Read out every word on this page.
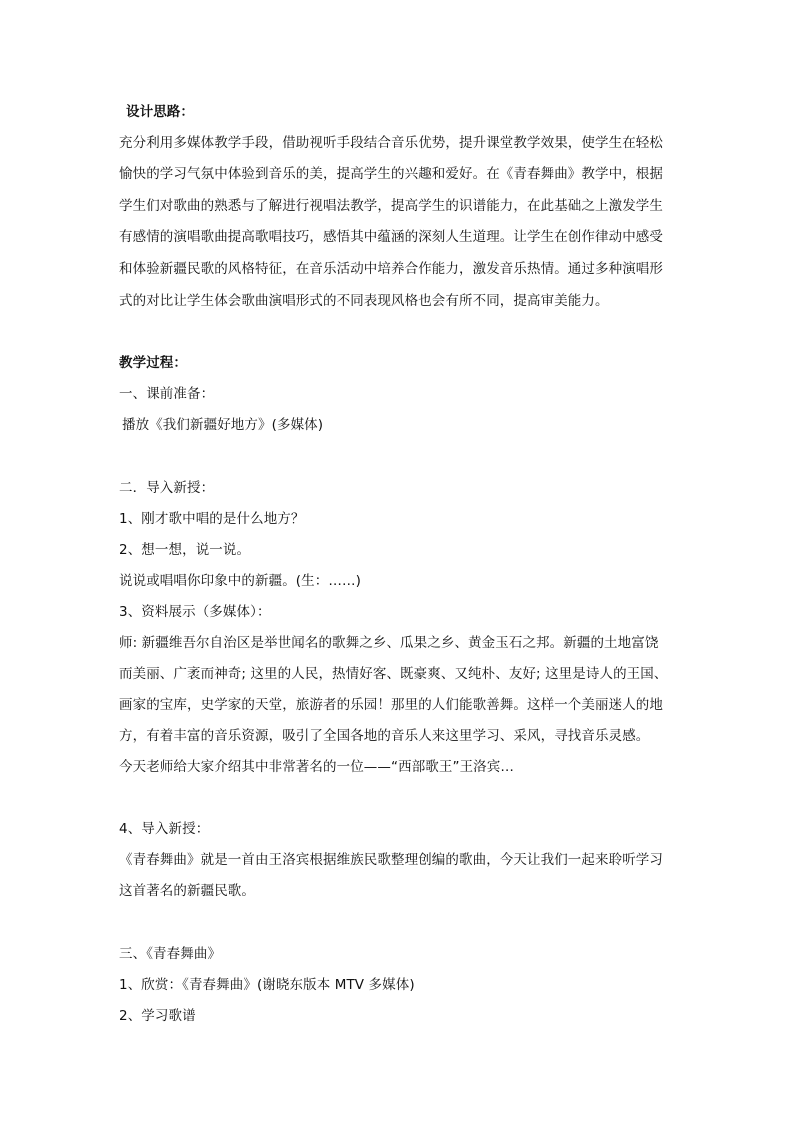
设计思路：
充分利用多媒体教学手段，借助视听手段结合音乐优势，提升课堂教学效果，使学生在轻松
愉快的学习气氛中体验到音乐的美，提高学生的兴趣和爱好。在《青春舞曲》教学中，根据
学生们对歌曲的熟悉与了解进行视唱法教学，提高学生的识谱能力，在此基础之上激发学生
有感情的演唱歌曲提高歌唱技巧，感悟其中蕴涵的深刻人生道理。让学生在创作律动中感受
和体验新疆民歌的风格特征，在音乐活动中培养合作能力，激发音乐热情。通过多种演唱形
式的对比让学生体会歌曲演唱形式的不同表现风格也会有所不同，提高审美能力。
教学过程：
一、课前准备：
播放《我们新疆好地方》(多媒体)
二．导入新授：
1、刚才歌中唱的是什么地方？
2、想一想，说一说。
说说或唱唱你印象中的新疆。(生：……)
3、资料展示（多媒体）：
师: 新疆维吾尔自治区是举世闻名的歌舞之乡、瓜果之乡、黄金玉石之邦。新疆的土地富饶
而美丽、广袤而神奇; 这里的人民，热情好客、既豪爽、又纯朴、友好; 这里是诗人的王国、
画家的宝库，史学家的天堂，旅游者的乐园！那里的人们能歌善舞。这样一个美丽迷人的地
方，有着丰富的音乐资源，吸引了全国各地的音乐人来这里学习、采风，寻找音乐灵感。
今天老师给大家介绍其中非常著名的一位——“西部歌王”王洛宾…
4、导入新授：
《青春舞曲》就是一首由王洛宾根据维族民歌整理创编的歌曲，今天让我们一起来聆听学习
这首著名的新疆民歌。
三、《青春舞曲》
1、欣赏：《青春舞曲》(谢晓东版本 MTV 多媒体)
2、学习歌谱
